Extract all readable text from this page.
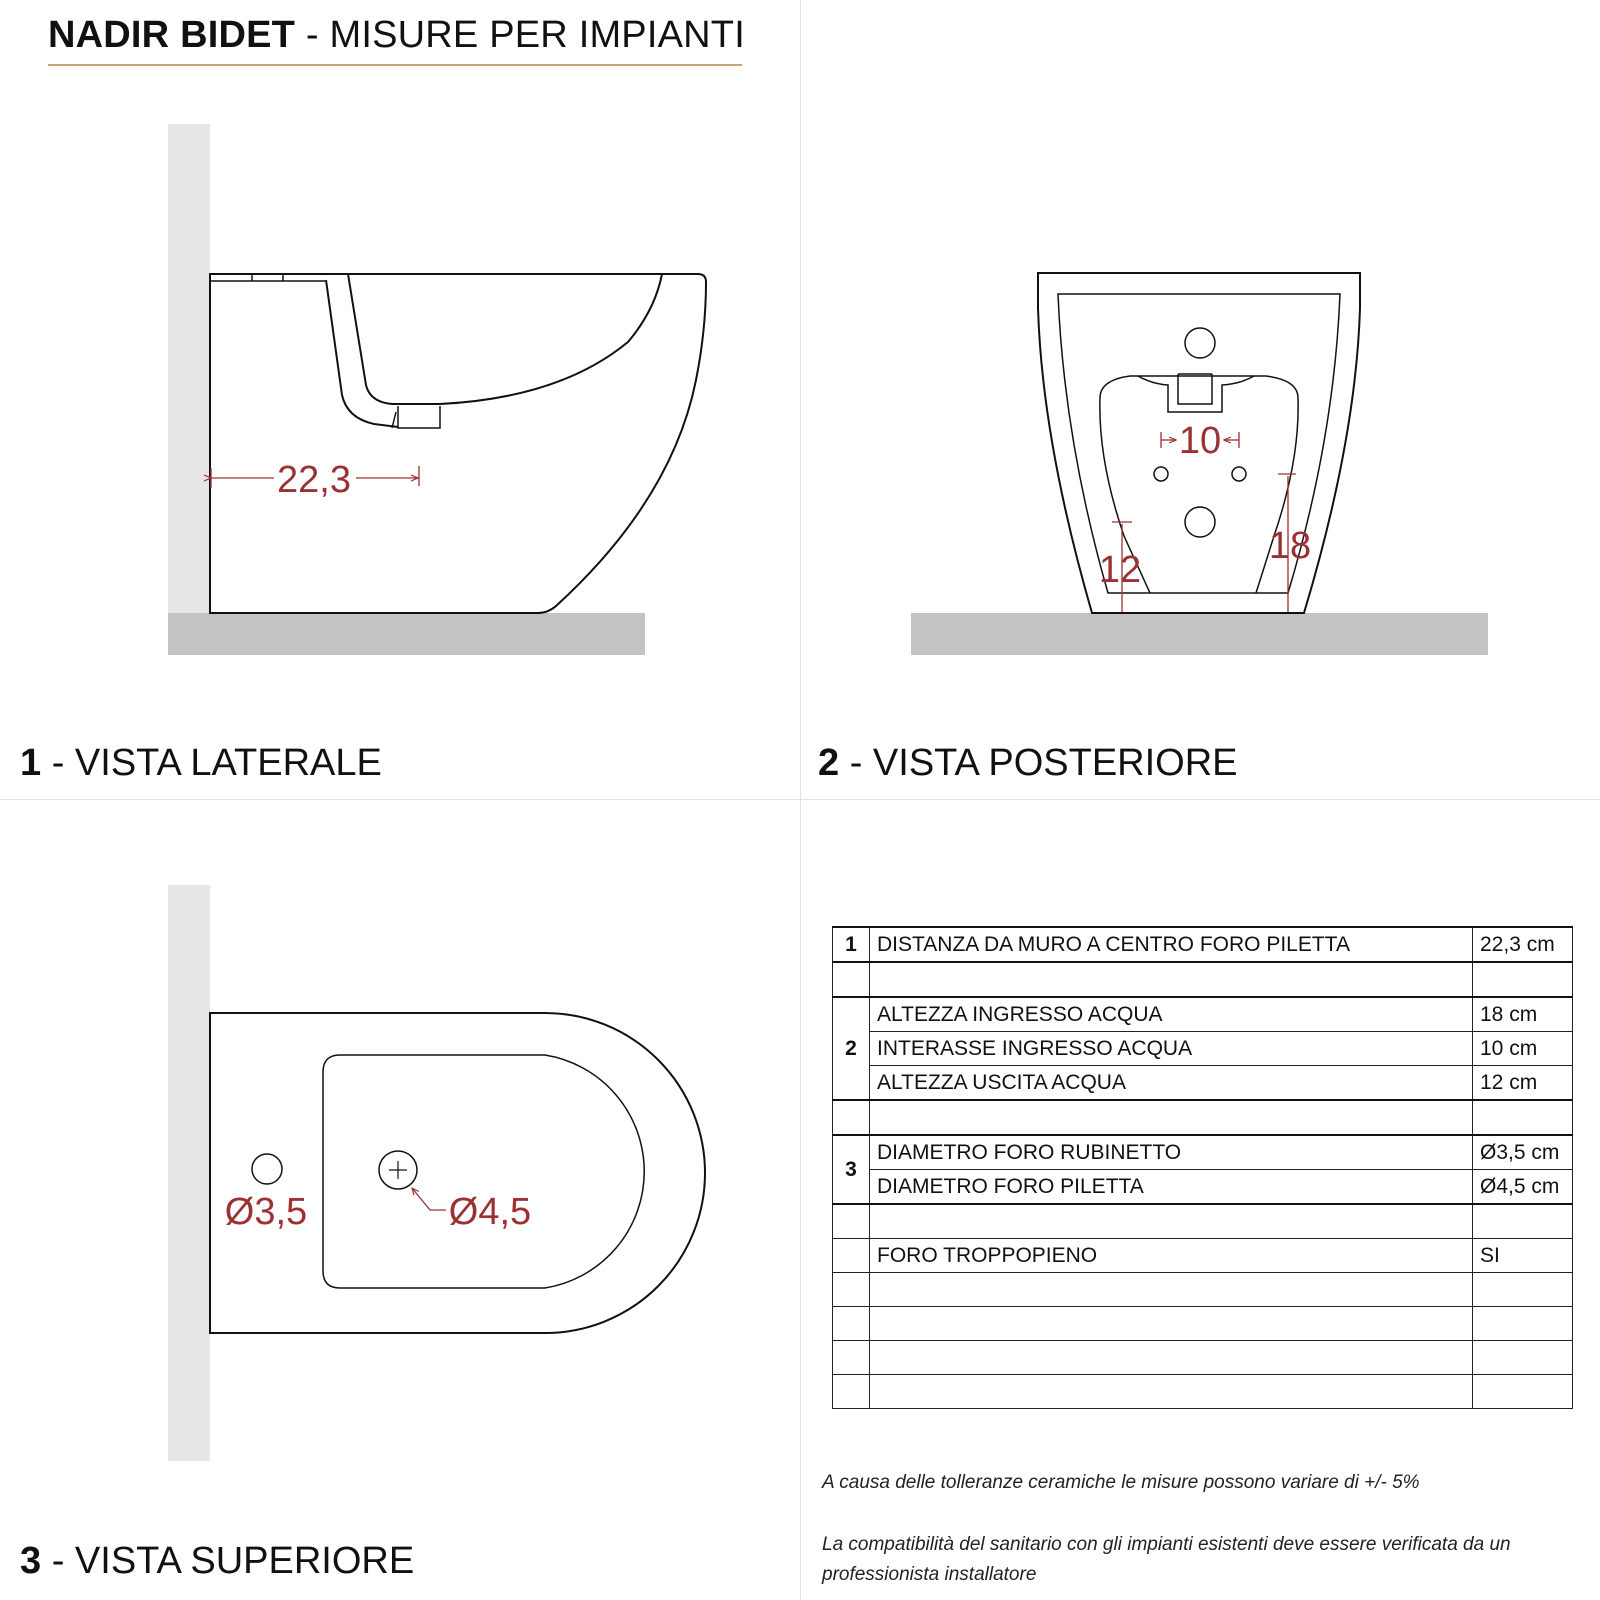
NADIR BIDET - MISURE PER IMPIANTI
22,3
10
18
12
Ø3,5	Ø4,5
1 - VISTA LATERALE	2 - VISTA POSTERIORE
3 - VISTA SUPERIORE
1	DISTANZA DA MURO A CENTRO FORO PILETTA	22,3 cm

2	ALTEZZA INGRESSO ACQUA	18 cm
	INTERASSE INGRESSO ACQUA	10 cm
	ALTEZZA USCITA ACQUA	12 cm

3	DIAMETRO FORO RUBINETTO	Ø3,5 cm
	DIAMETRO FORO PILETTA	Ø4,5 cm

	FORO TROPPOPIENO	SI

A causa delle tolleranze ceramiche le misure possono variare di +/- 5%
La compatibilità del sanitario con gli impianti esistenti deve essere verificata da un professionista installatore
